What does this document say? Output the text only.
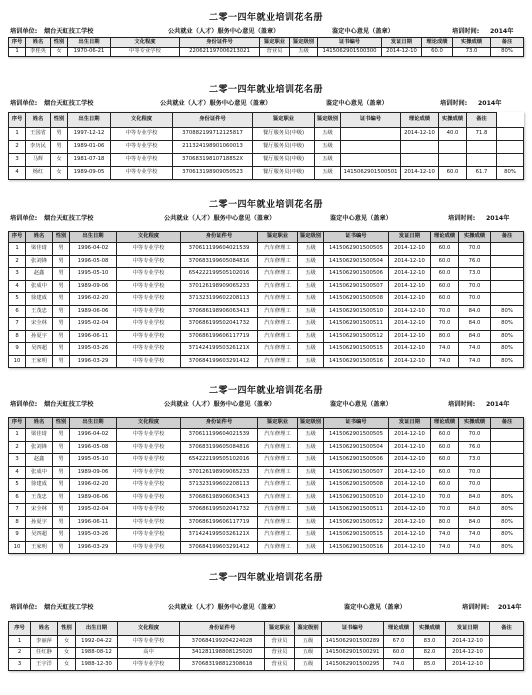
二零一四年就业培训花名册
培训单位: 烟台天虹技工学校	公共就业（人才）服务中心意见（盖章）	鉴定中心意见（盖章）	培训时间: 2014年
序号	姓名	性别	出生日期	文化程度	身份证件号	鉴定职业	鉴定级别	证书编号	发证日期	理论成绩	实操成绩	备注
1	李桂英	女	1970-06-21	中等专业学校	220621197006213021	营业员	五级	1415062901500300	2014-12-10	60.0	73.0	80%
二零一四年就业培训花名册
培训单位: 烟台天虹技工学校	公共就业（人才）服务中心意见（盖章）	鉴定中心意见（盖章）	培训时间: 2014年
序号	姓名	性别	出生日期	文化程度	身份证件号	鉴定职业	鉴定级别	证书编号	理论成绩	实操成绩	备注	
1	王国省	男	1997-12-12	中等专业学校	370882199712125817	餐厅服务员(中级)	五级		2014-12-10	40.0	71.8	
2	李历民	男	1989-01-06	中等专业学校	211324198901060013	餐厅服务员(中级)	五级					
3	马辉	女	1981-07-18	中等专业学校	37068319810718852X	餐厅服务员(中级)	五级					
4	杨红	女	1989-09-05	中等专业学校	370613198909050523	餐厅服务员(中级)	五级	1415062901500501	2014-12-10	60.0	61.7	80%
二零一四年就业培训花名册
培训单位: 烟台天虹技工学校	公共就业（人才）服务中心意见（盖章）	鉴定中心意见（盖章）	培训时间: 2014年
序号	姓名	性别	出生日期	文化程度	身份证件号	鉴定职业	鉴定级别	证书编号	发证日期	理论成绩	实操成绩	备注
1	梁佳琦	男	1996-04-02	中等专业学校	370611199604021539	汽车修理工	五级	1415062901500505	2014-12-10	60.0	70.0	
2	张刘锋	男	1996-05-08	中等专业学校	370683199605084816	汽车修理工	五级	1415062901500504	2014-12-10	60.0	76.0	
3	赵鑫	男	1995-05-10	中等专业学校	654222199505102016	汽车修理工	五级	1415062901500506	2014-12-10	60.0	73.0	
4	张成中	男	1989-09-06	中等专业学校	370126198909065233	汽车修理工	五级	1415062901500507	2014-12-10	60.0	70.0	
5	徐建成	男	1996-02-20	中等专业学校	371323199602208113	汽车修理工	五级	1415062901500508	2014-12-10	60.0	70.0	
6	王茂忠	男	1989-06-06	中等专业学校	370686198906063413	汽车修理工	五级	1415062901500510	2014-12-10	70.0	84.0	80%
7	宋全林	男	1995-02-04	中等专业学校	370686199502041732	汽车修理工	五级	1415062901500511	2014-12-10	70.0	84.0	80%
8	孙夏宇	男	1996-06-11	中等专业学校	370686199606117719	汽车修理工	五级	1415062901500512	2014-12-10	80.0	84.0	80%
9	吴四超	男	1995-03-26	中等专业学校	37142419950326121X	汽车修理工	五级	1415062901500515	2014-12-10	74.0	74.0	80%
10	王家明	男	1996-03-29	中等专业学校	370684199603291412	汽车修理工	五级	1415062901500516	2014-12-10	74.0	74.0	80%
二零一四年就业培训花名册
培训单位: 烟台天虹技工学校	公共就业（人才）服务中心意见（盖章）	鉴定中心意见（盖章）	培训时间: 2014年
序号	姓名	性别	出生日期	文化程度	身份证件号	鉴定职业	鉴定级别	证书编号	发证日期	理论成绩	实操成绩	备注
1	梁佳琦	男	1996-04-02	中等专业学校	370611199604021539	汽车修理工	五级	1415062901500505	2014-12-10	60.0	70.0	
2	张刘锋	男	1996-05-08	中等专业学校	370683199605084816	汽车修理工	五级	1415062901500504	2014-12-10	60.0	76.0	
3	赵鑫	男	1995-05-10	中等专业学校	654222199505102016	汽车修理工	五级	1415062901500506	2014-12-10	60.0	73.0	
4	张成中	男	1989-09-06	中等专业学校	370126198909065233	汽车修理工	五级	1415062901500507	2014-12-10	60.0	70.0	
5	徐建成	男	1996-02-20	中等专业学校	371323199602208113	汽车修理工	五级	1415062901500508	2014-12-10	60.0	70.0	
6	王茂忠	男	1989-06-06	中等专业学校	370686198906063413	汽车修理工	五级	1415062901500510	2014-12-10	70.0	84.0	80%
7	宋全林	男	1995-02-04	中等专业学校	370686199502041732	汽车修理工	五级	1415062901500511	2014-12-10	70.0	84.0	80%
8	孙夏宇	男	1996-06-11	中等专业学校	370686199606117719	汽车修理工	五级	1415062901500512	2014-12-10	80.0	84.0	80%
9	吴四超	男	1995-03-26	中等专业学校	37142419950326121X	汽车修理工	五级	1415062901500515	2014-12-10	74.0	74.0	80%
10	王家明	男	1996-03-29	中等专业学校	370684199603291412	汽车修理工	五级	1415062901500516	2014-12-10	74.0	74.0	80%
二零一四年就业培训花名册
培训单位: 烟台天虹技工学校	公共就业（人才）服务中心意见（盖章）	鉴定中心意见（盖章）	培训时间: 2014年
序号	姓名	性别	出生日期	文化程度	身份证件号	鉴定职业	鉴定级别	证书编号	理论成绩	实操成绩	发证日期	备注
1	李丽萍	女	1992-04-22	中等专业学校	370684199204224028	营业员	五级	1415062901500289	67.0	83.0	2014-12-10	
2	任红静	女	1988-08-12	高中	341281198808125020	营业员	五级	1415062901500291	60.0	82.0	2014-12-10	
3	王宇洋	女	1988-12-30	中等专业学校	370683198812308618	营业员	五级	1415062901500295	74.0	85.0	2014-12-10	
